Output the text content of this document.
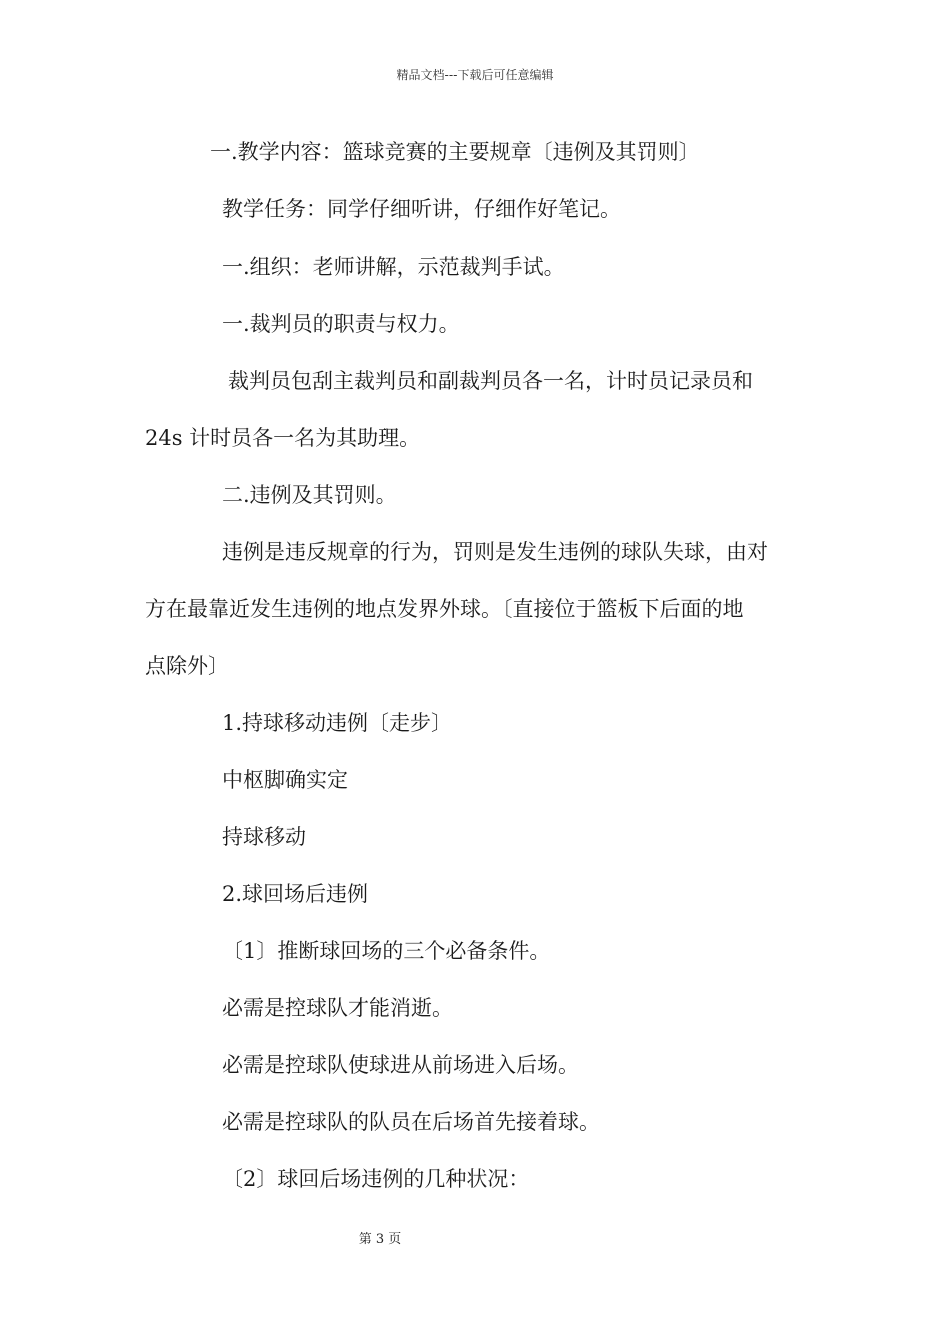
精品文档---下载后可任意编辑
一.教学内容：篮球竞赛的主要规章〔违例及其罚则〕
教学任务：同学仔细听讲，仔细作好笔记。
一.组织：老师讲解，示范裁判手试。
一.裁判员的职责与权力。
裁判员包刮主裁判员和副裁判员各一名，计时员记录员和
24s 计时员各一名为其助理。
二.违例及其罚则。
违例是违反规章的行为，罚则是发生违例的球队失球，由对
方在最靠近发生违例的地点发界外球。〔直接位于篮板下后面的地
点除外〕
1.持球移动违例〔走步〕
中枢脚确实定
持球移动
2.球回场后违例
〔1〕推断球回场的三个必备条件。
必需是控球队才能消逝。
必需是控球队使球进从前场进入后场。
必需是控球队的队员在后场首先接着球。
〔2〕球回后场违例的几种状况：
第 3 页
